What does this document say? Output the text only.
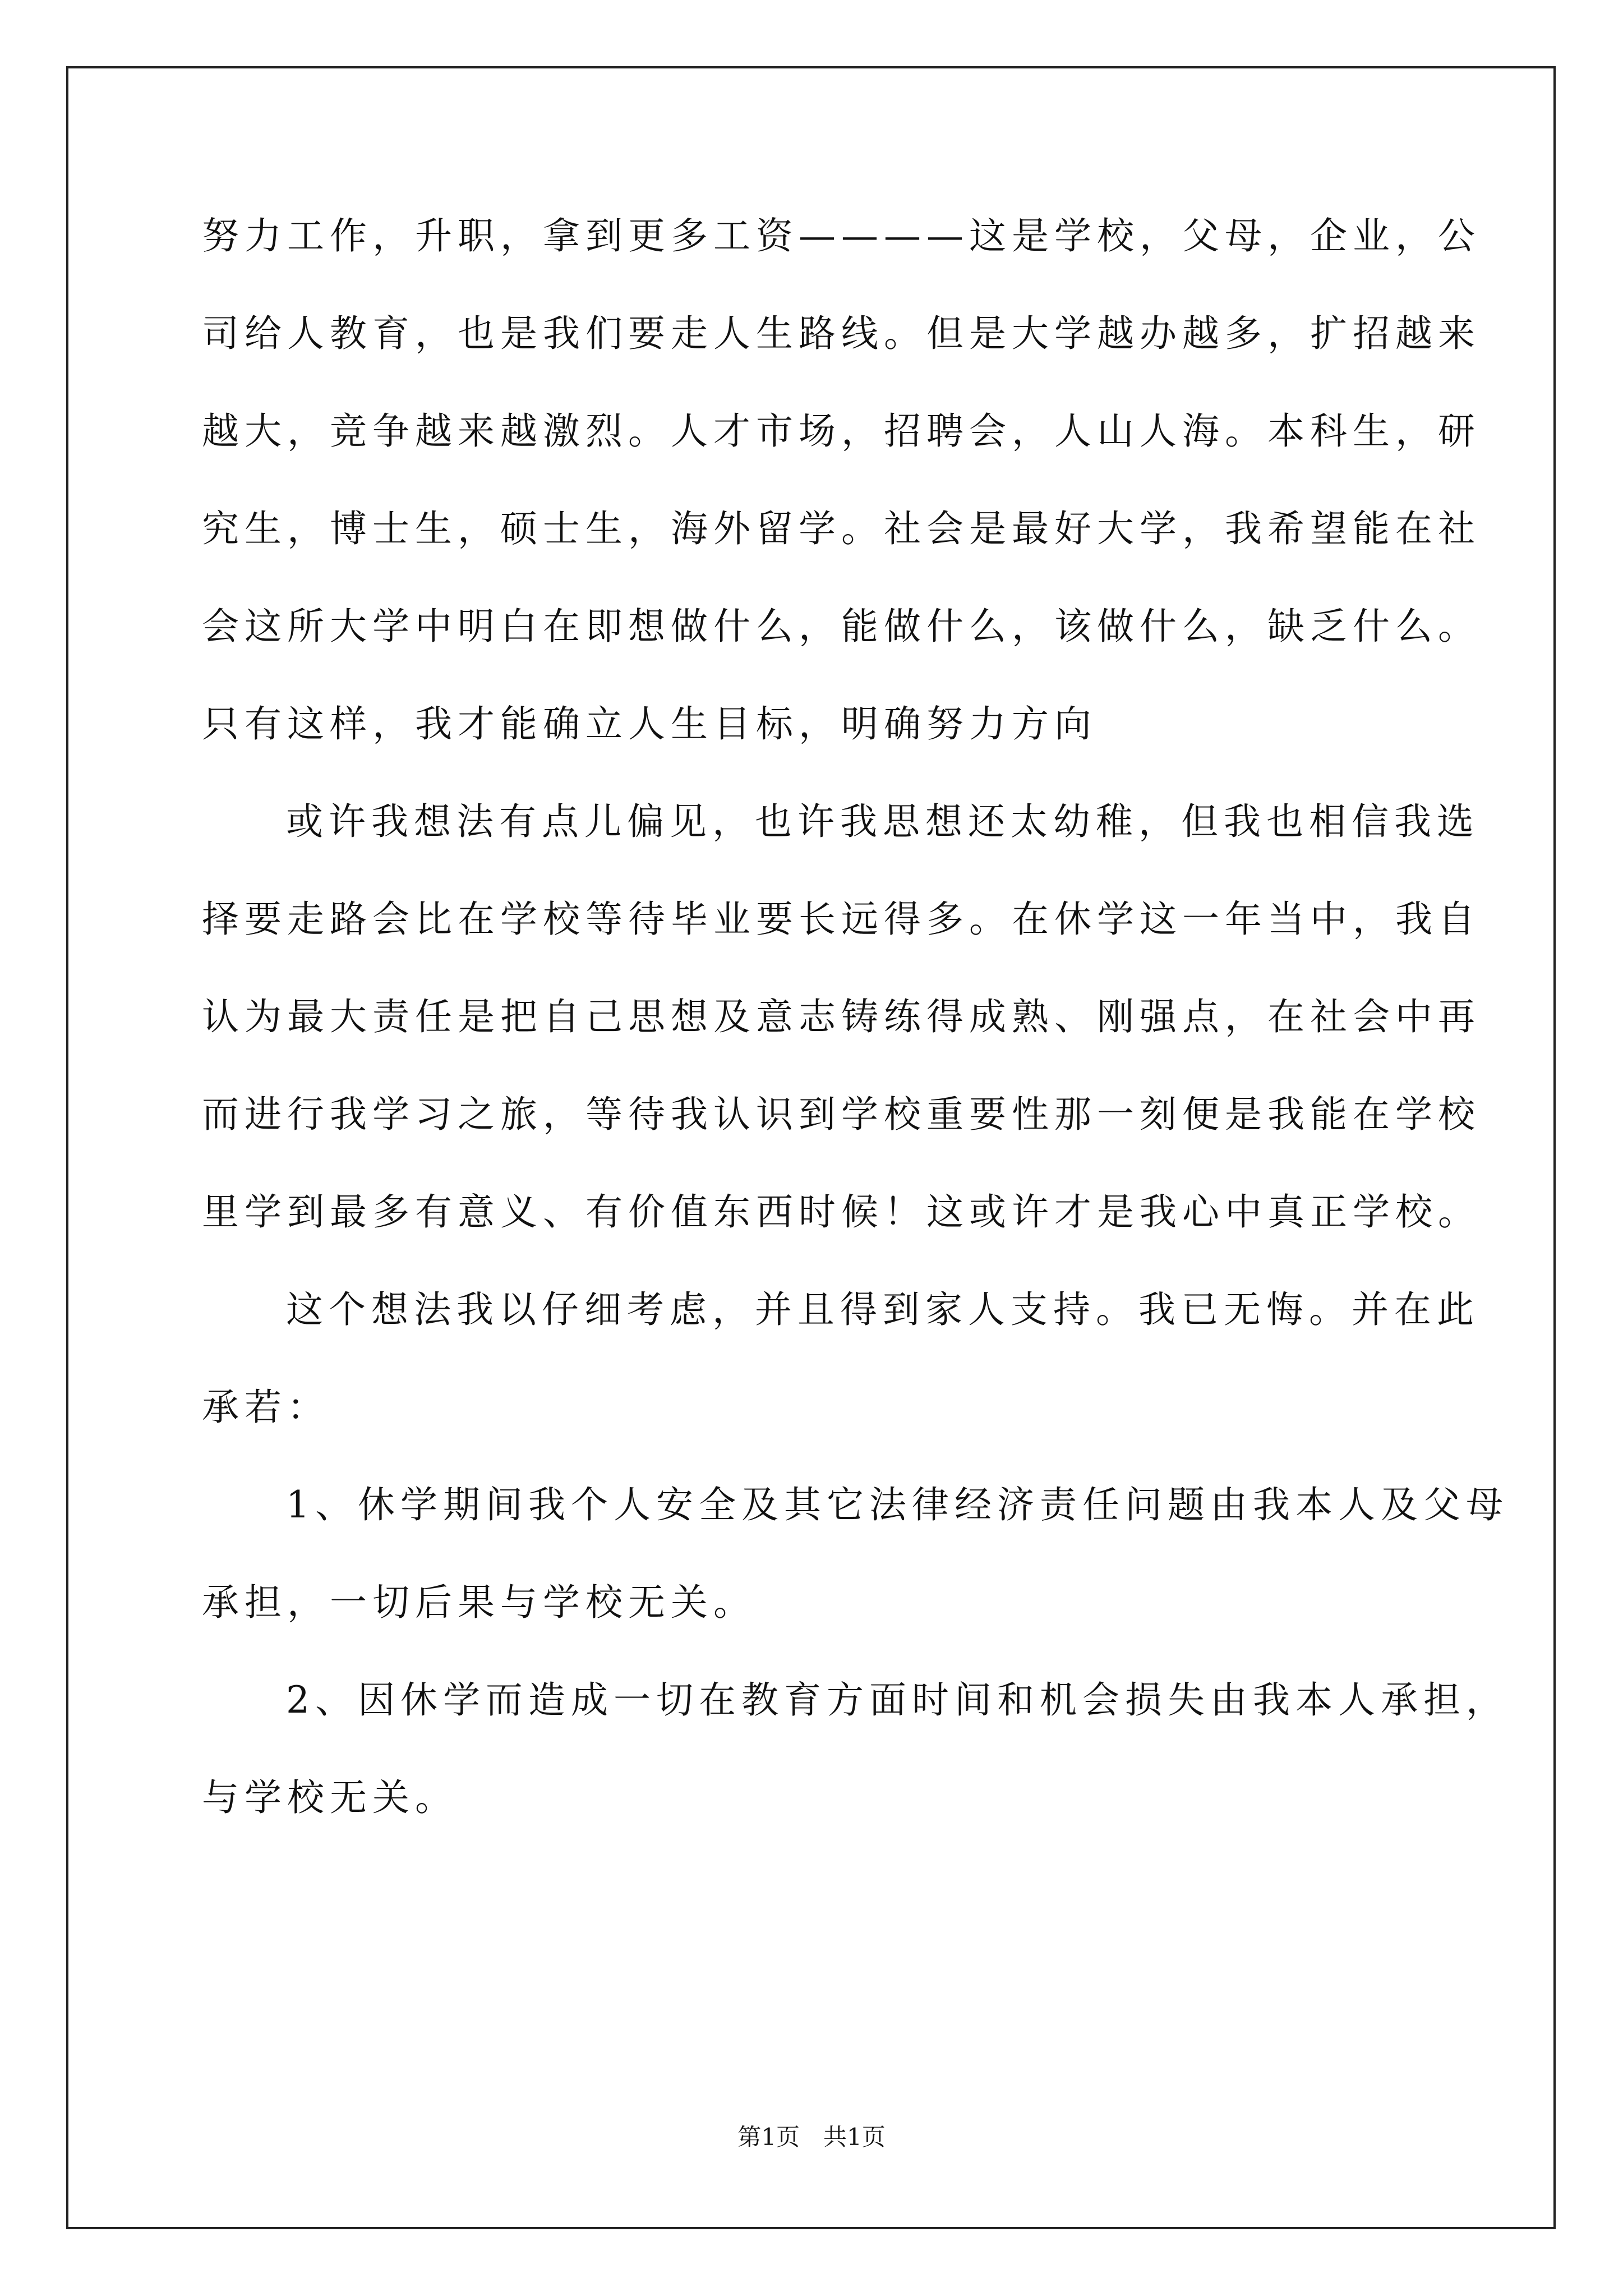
努力工作，升职，拿到更多工资————这是学校，父母，企业，公
司给人教育，也是我们要走人生路线。但是大学越办越多，扩招越来
越大，竞争越来越激烈。人才市场，招聘会，人山人海。本科生，研
究生，博士生，硕士生，海外留学。社会是最好大学，我希望能在社
会这所大学中明白在即想做什么，能做什么，该做什么，缺乏什么。
只有这样，我才能确立人生目标，明确努力方向
或许我想法有点儿偏见，也许我思想还太幼稚，但我也相信我选
择要走路会比在学校等待毕业要长远得多。在休学这一年当中，我自
认为最大责任是把自己思想及意志铸练得成熟、刚强点，在社会中再
而进行我学习之旅，等待我认识到学校重要性那一刻便是我能在学校
里学到最多有意义、有价值东西时候！这或许才是我心中真正学校。
这个想法我以仔细考虑，并且得到家人支持。我已无悔。并在此
承若：
1、休学期间我个人安全及其它法律经济责任问题由我本人及父母
承担，一切后果与学校无关。
2、因休学而造成一切在教育方面时间和机会损失由我本人承担，
与学校无关。
第1页　共1页
